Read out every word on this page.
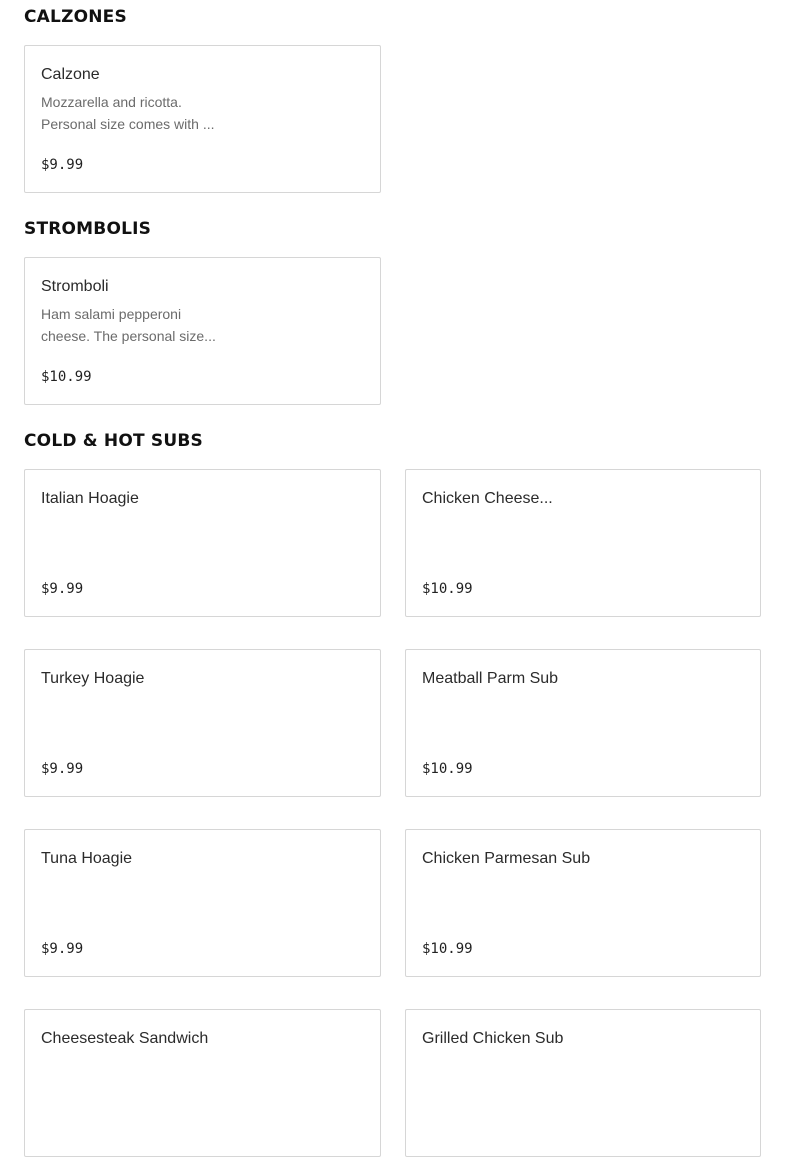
CALZONES
Calzone
Mozzarella and ricotta. Personal size comes with ...
$9.99
STROMBOLIS
Stromboli
Ham salami pepperoni cheese. The personal size...
$10.99
COLD & HOT SUBS
Italian Hoagie
$9.99
Chicken Cheese...
$10.99
Turkey Hoagie
$9.99
Meatball Parm Sub
$10.99
Tuna Hoagie
$9.99
Chicken Parmesan Sub
$10.99
Cheesesteak Sandwich	Grilled Chicken Sub
